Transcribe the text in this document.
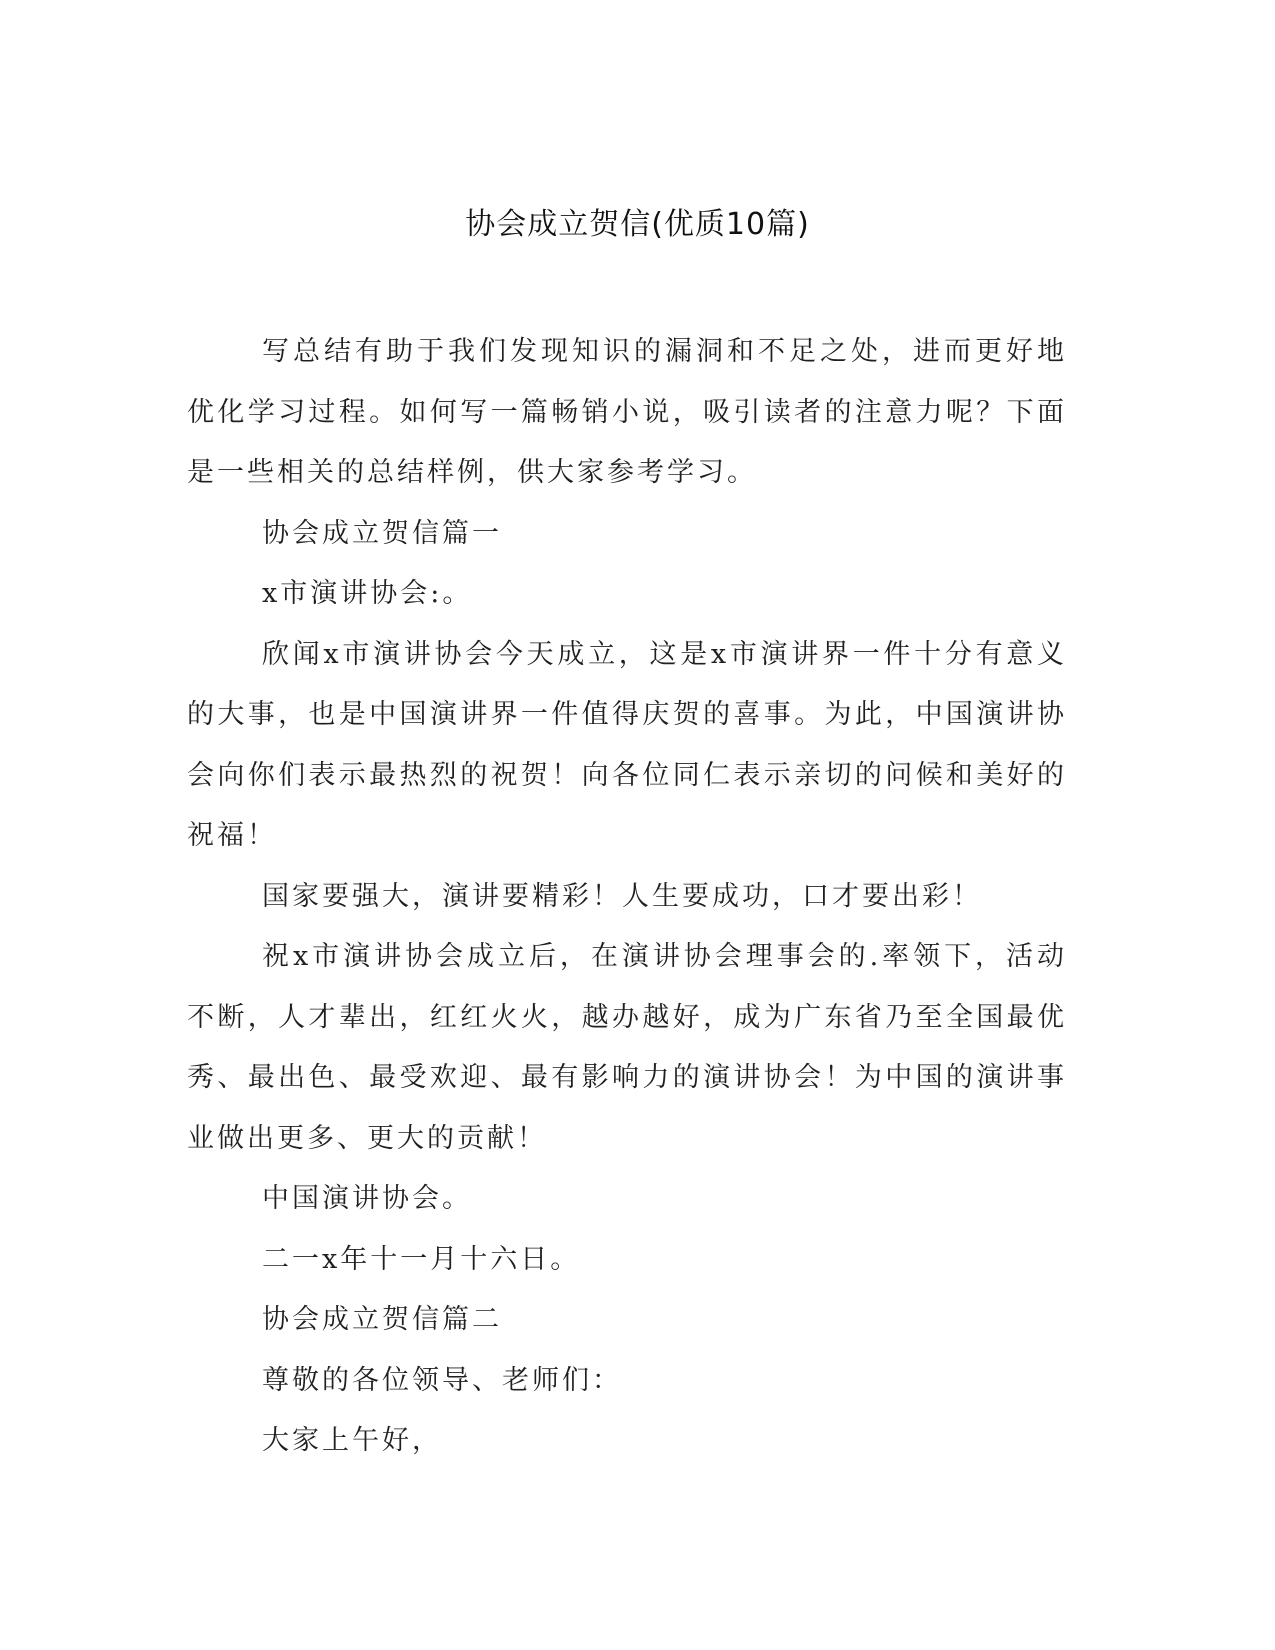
协会成立贺信(优质10篇)

写总结有助于我们发现知识的漏洞和不足之处，进而更好地优化学习过程。如何写一篇畅销小说，吸引读者的注意力呢？下面是一些相关的总结样例，供大家参考学习。

协会成立贺信篇一

x市演讲协会:。

欣闻x市演讲协会今天成立，这是x市演讲界一件十分有意义的大事，也是中国演讲界一件值得庆贺的喜事。为此，中国演讲协会向你们表示最热烈的祝贺！向各位同仁表示亲切的问候和美好的祝福！

国家要强大，演讲要精彩！人生要成功，口才要出彩！

祝x市演讲协会成立后，在演讲协会理事会的.率领下，活动不断，人才辈出，红红火火，越办越好，成为广东省乃至全国最优秀、最出色、最受欢迎、最有影响力的演讲协会！为中国的演讲事业做出更多、更大的贡献！

中国演讲协会。

二一x年十一月十六日。

协会成立贺信篇二

尊敬的各位领导、老师们：

大家上午好，
